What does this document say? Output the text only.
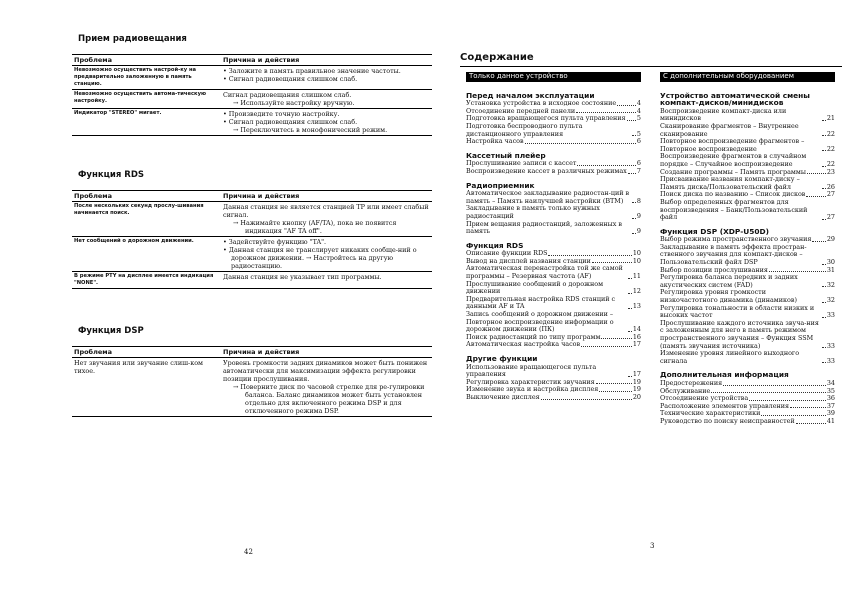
Прием радиовещания
Проблема	Причина и действия
Невозможно осуществить настрой-ку на предварительно заложенную в память станцию.	• Заложите в память правильное значение частоты.
• Сигнал радиовещания слишком слаб.

Невозможно осуществить автома-тическую настройку.	Сигнал радиовещания слишком слаб.
→ Используйте настройку вручную.

Индикатор "STEREO" мигает.	• Произведите точную настройку.
• Сигнал радиовещания слишком слаб.
→ Переключитесь в монофонический режим.
Функция RDS
Проблема	Причина и действия
После нескольких секунд прослу-шивания начинается поиск.	Данная станция не является станцией TP или имеет слабый сигнал.
→ Нажимайте кнопку (AF/TA), пока не появится индикация "AF TA off".

Нет сообщений о дорожном движении.	• Задействуйте функцию "TA".
• Данная станция не транслирует никаких сообще-ний о дорожном движении. → Настройтесь на другую радиостанцию.

В режиме PTY на дисплее имеется индикация "NONE".	Данная станция не указывает тип программы.
Функция DSP
Проблема	Причина и действия
Нет звучания или звучание слиш-ком тихое.	Уровень громкости задних динамиков может быть понижен автоматически для максимизации эффекта регулировки позиции прослушивания.
→ Поверните диск по часовой стрелке для ре-гулировки баланса. Баланс динамиков может быть установлен отдельно для включенного режима DSP и для отключенного режима DSP.
42
Содержание
Только данное устройство
Перед началом эксплуатации
Установка устройства в исходное состояние	4
Отсоединение передней панели	4
Подготовка вращающегося пульта управления 5
Подготовка беспроводного пульта дистанционного управления	5
Настройка часов	6
Кассетный плейер
Прослушивание записи с кассет	6
Воспроизведение кассет в различных режимах 7
Радиоприемник
Автоматическое закладывание радиостан-ций в память – Память наилучшей настройки (BTM)	8
Закладывание в память только нужных радиостанций	9
Прием вещания радиостанций, заложенных в память	9
Функция RDS
Описание функции RDS	10
Вывод на дисплей названия станции	10
Автоматическая перенастройка той же самой программы – Резервная частота (AF)	11
Прослушивание сообщений о дорожном движении	12
Предварительная настройка RDS станций с данными AF и TA	13
Запись сообщений о дорожном движении – Повторное воспроизведение информации о дорожном движении (ПК)	14
Поиск радиостанций по типу программ	16
Автоматическая настройка часов	17
Другие функции
Использование вращающегося пульта управления	17
Регулировка характеристик звучания	19
Изменение звука и настройка дисплея	19
Выключение дисплея	20
С дополнительным оборудованием
Устройство автоматической смены компакт-дисков/минидисков
Воспроизведение компакт-диска или минидисков	21
Сканирование фрагментов – Внутреннее сканирование	22
Повторное воспроизведение фрагментов – Повторное воспроизведение	22
Воспроизведение фрагментов в случайном порядке – Случайное воспроизведение	22
Создание программы – Память программы	23
Присваивание названия компакт-диску – Память диска/Пользовательский файл	26
Поиск диска по названию – Список дисков	27
Выбор определенных фрагментов для воспроизведения – Банк/Пользовательский файл	27
Функция DSP (XDP-U50D)
Выбор режима пространственного звучания 29
Закладывание в память эффекта простран-ственного звучания для компакт-дисков – Пользовательский файл DSP	30
Выбор позиции прослушивания	31
Регулировка баланса передних и задних акустических систем (FAD)	32
Регулировка уровня громкости низкочастотного динамика (динамиков)	32
Регулировка тональности в области низких и высоких частот	33
Прослушивание каждого источника звуча-ния с заложенным для него в память режимом пространственного звучания – Функция SSM (память звучания источника)	33
Изменение уровня линейного выходного сигнала	33
Дополнительная информация
Предостережения	34
Обслуживание	35
Отсоединение устройства	36
Расположение элементов управления	37
Технические характеристики	39
Руководство по поиску неисправностей	41
3
